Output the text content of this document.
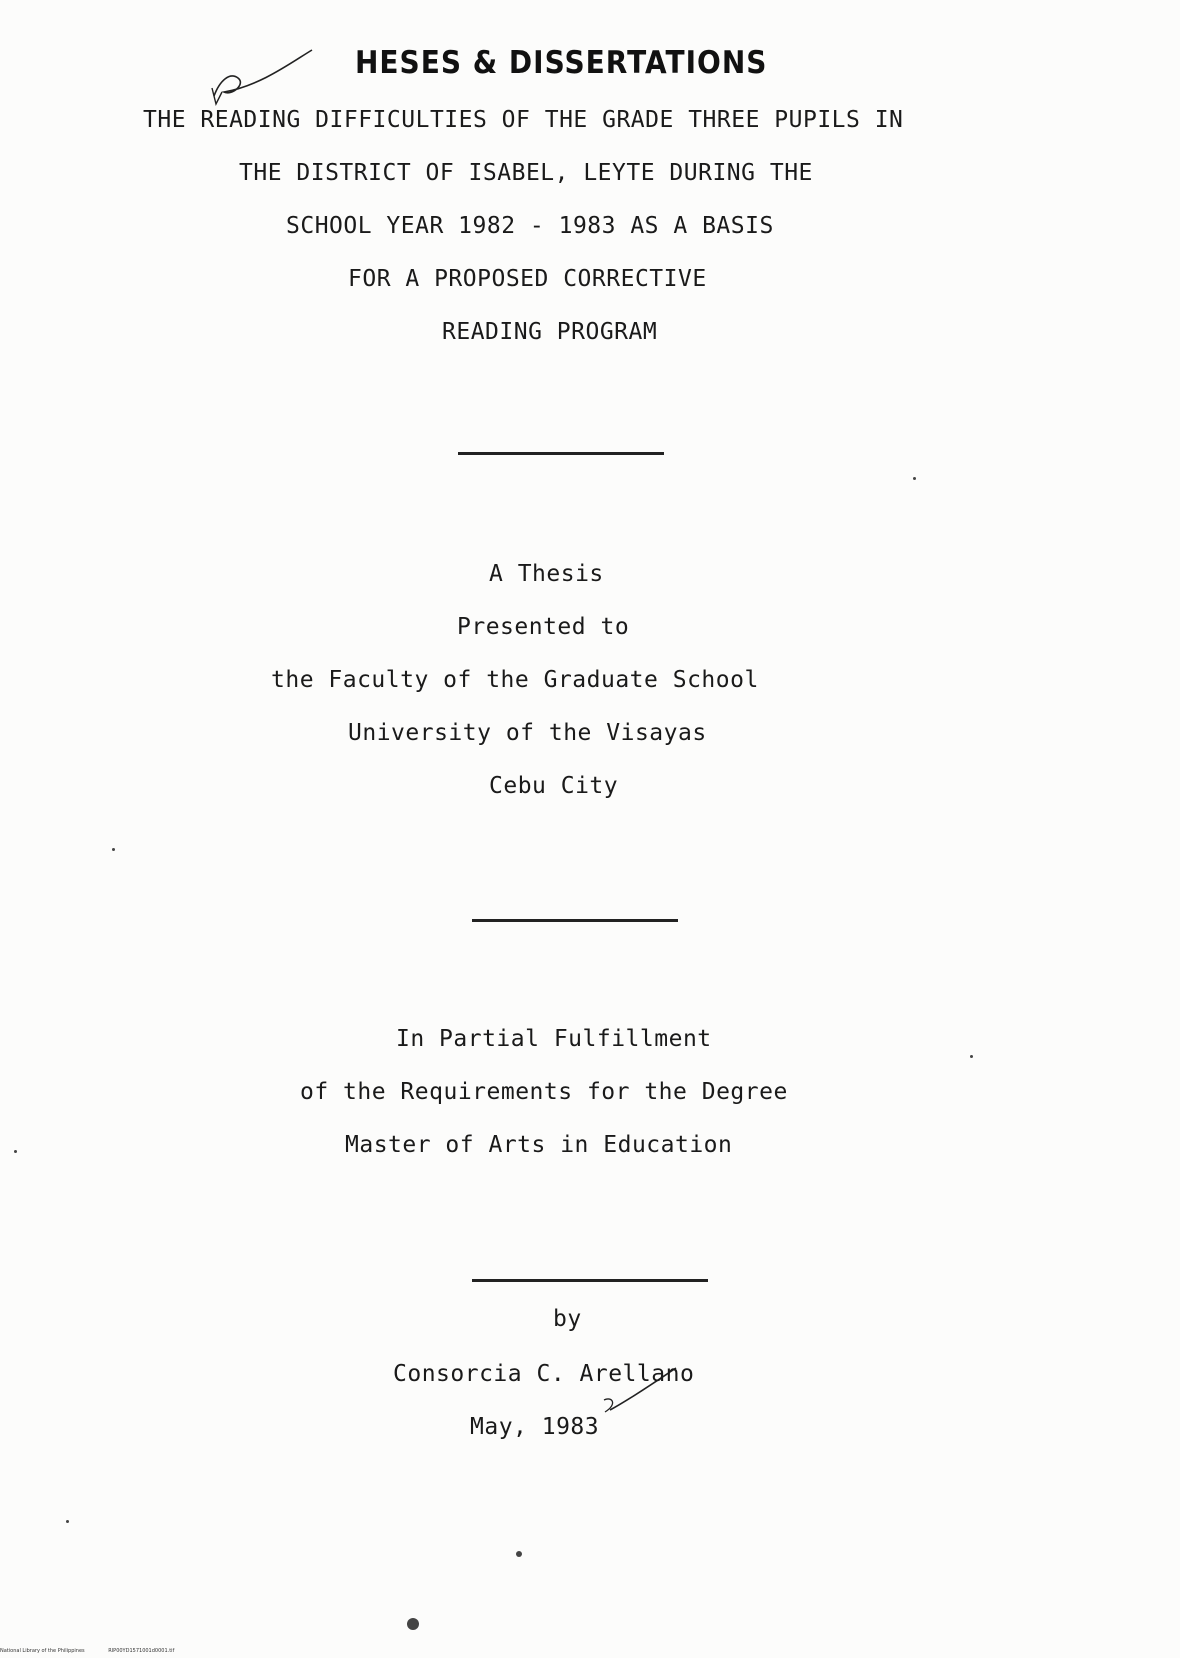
HESES & DISSERTATIONS
THE READING DIFFICULTIES OF THE GRADE THREE PUPILS IN
THE DISTRICT OF ISABEL, LEYTE DURING THE
SCHOOL YEAR 1982 - 1983 AS A BASIS
FOR A PROPOSED CORRECTIVE
READING PROGRAM
A Thesis
Presented to
the Faculty of the Graduate School
University of the Visayas
Cebu City
In Partial Fulfillment
of the Requirements for the Degree
Master of Arts in Education
by
Consorcia C. Arellano
May, 1983
National Library of the Philippines	RIP00YD1571001d0001.tif
